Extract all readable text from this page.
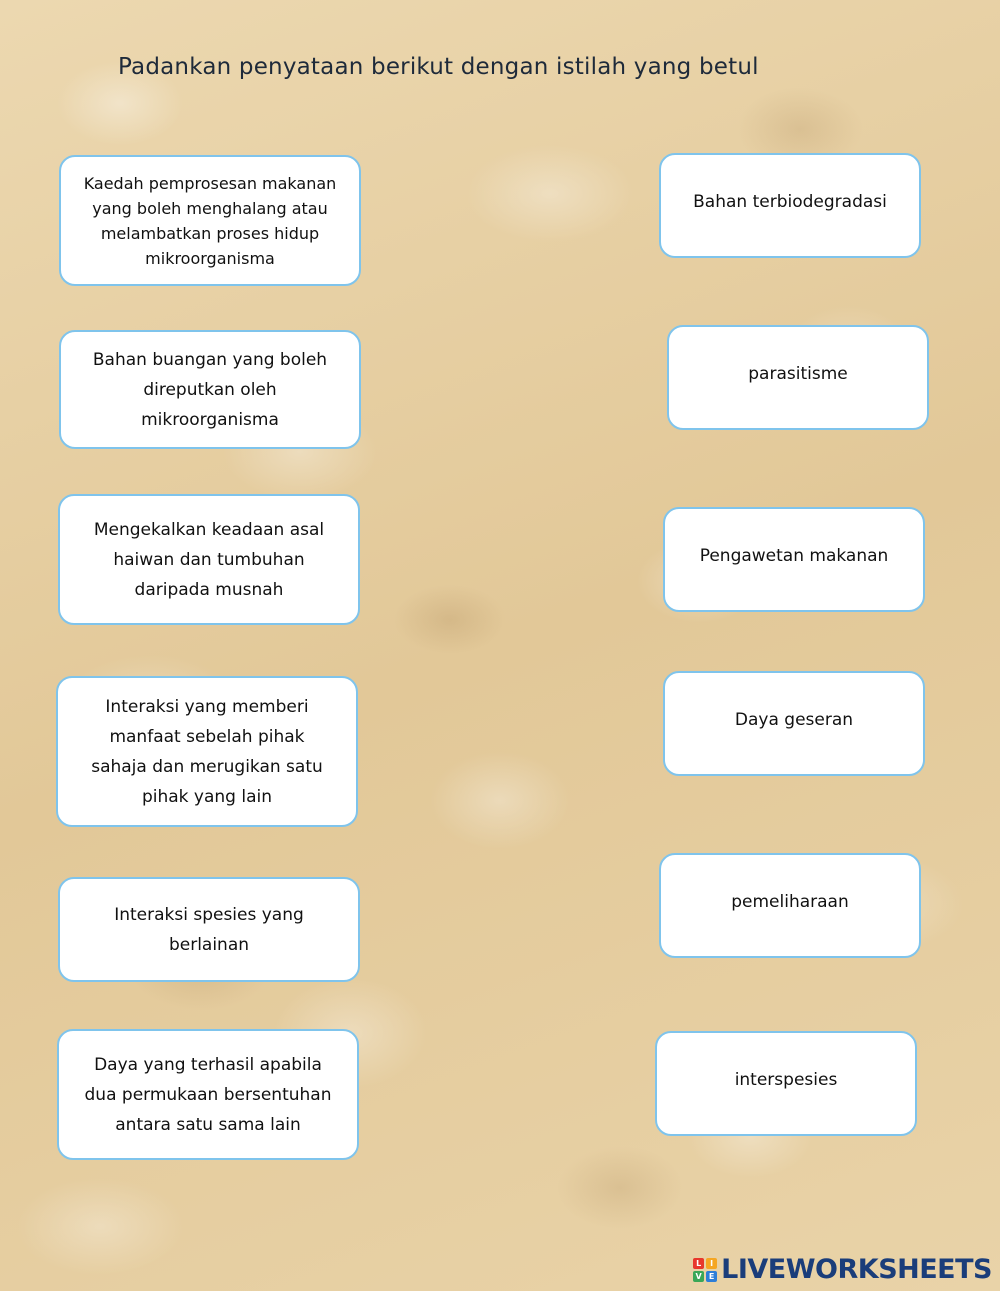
Padankan penyataan berikut dengan istilah yang betul
Kaedah pemprosesan makanan
yang boleh menghalang atau
melambatkan proses hidup
mikroorganisma
Bahan buangan yang boleh
direputkan oleh
mikroorganisma
Mengekalkan keadaan asal
haiwan dan tumbuhan
daripada musnah
Interaksi yang memberi
manfaat sebelah pihak
sahaja dan merugikan satu
pihak yang lain
Interaksi spesies yang
berlainan
Daya yang terhasil apabila
dua permukaan bersentuhan
antara satu sama lain
Bahan terbiodegradasi
parasitisme
Pengawetan makanan
Daya geseran
pemeliharaan
interspesies
L	I
V E LIVEWORKSHEETS
